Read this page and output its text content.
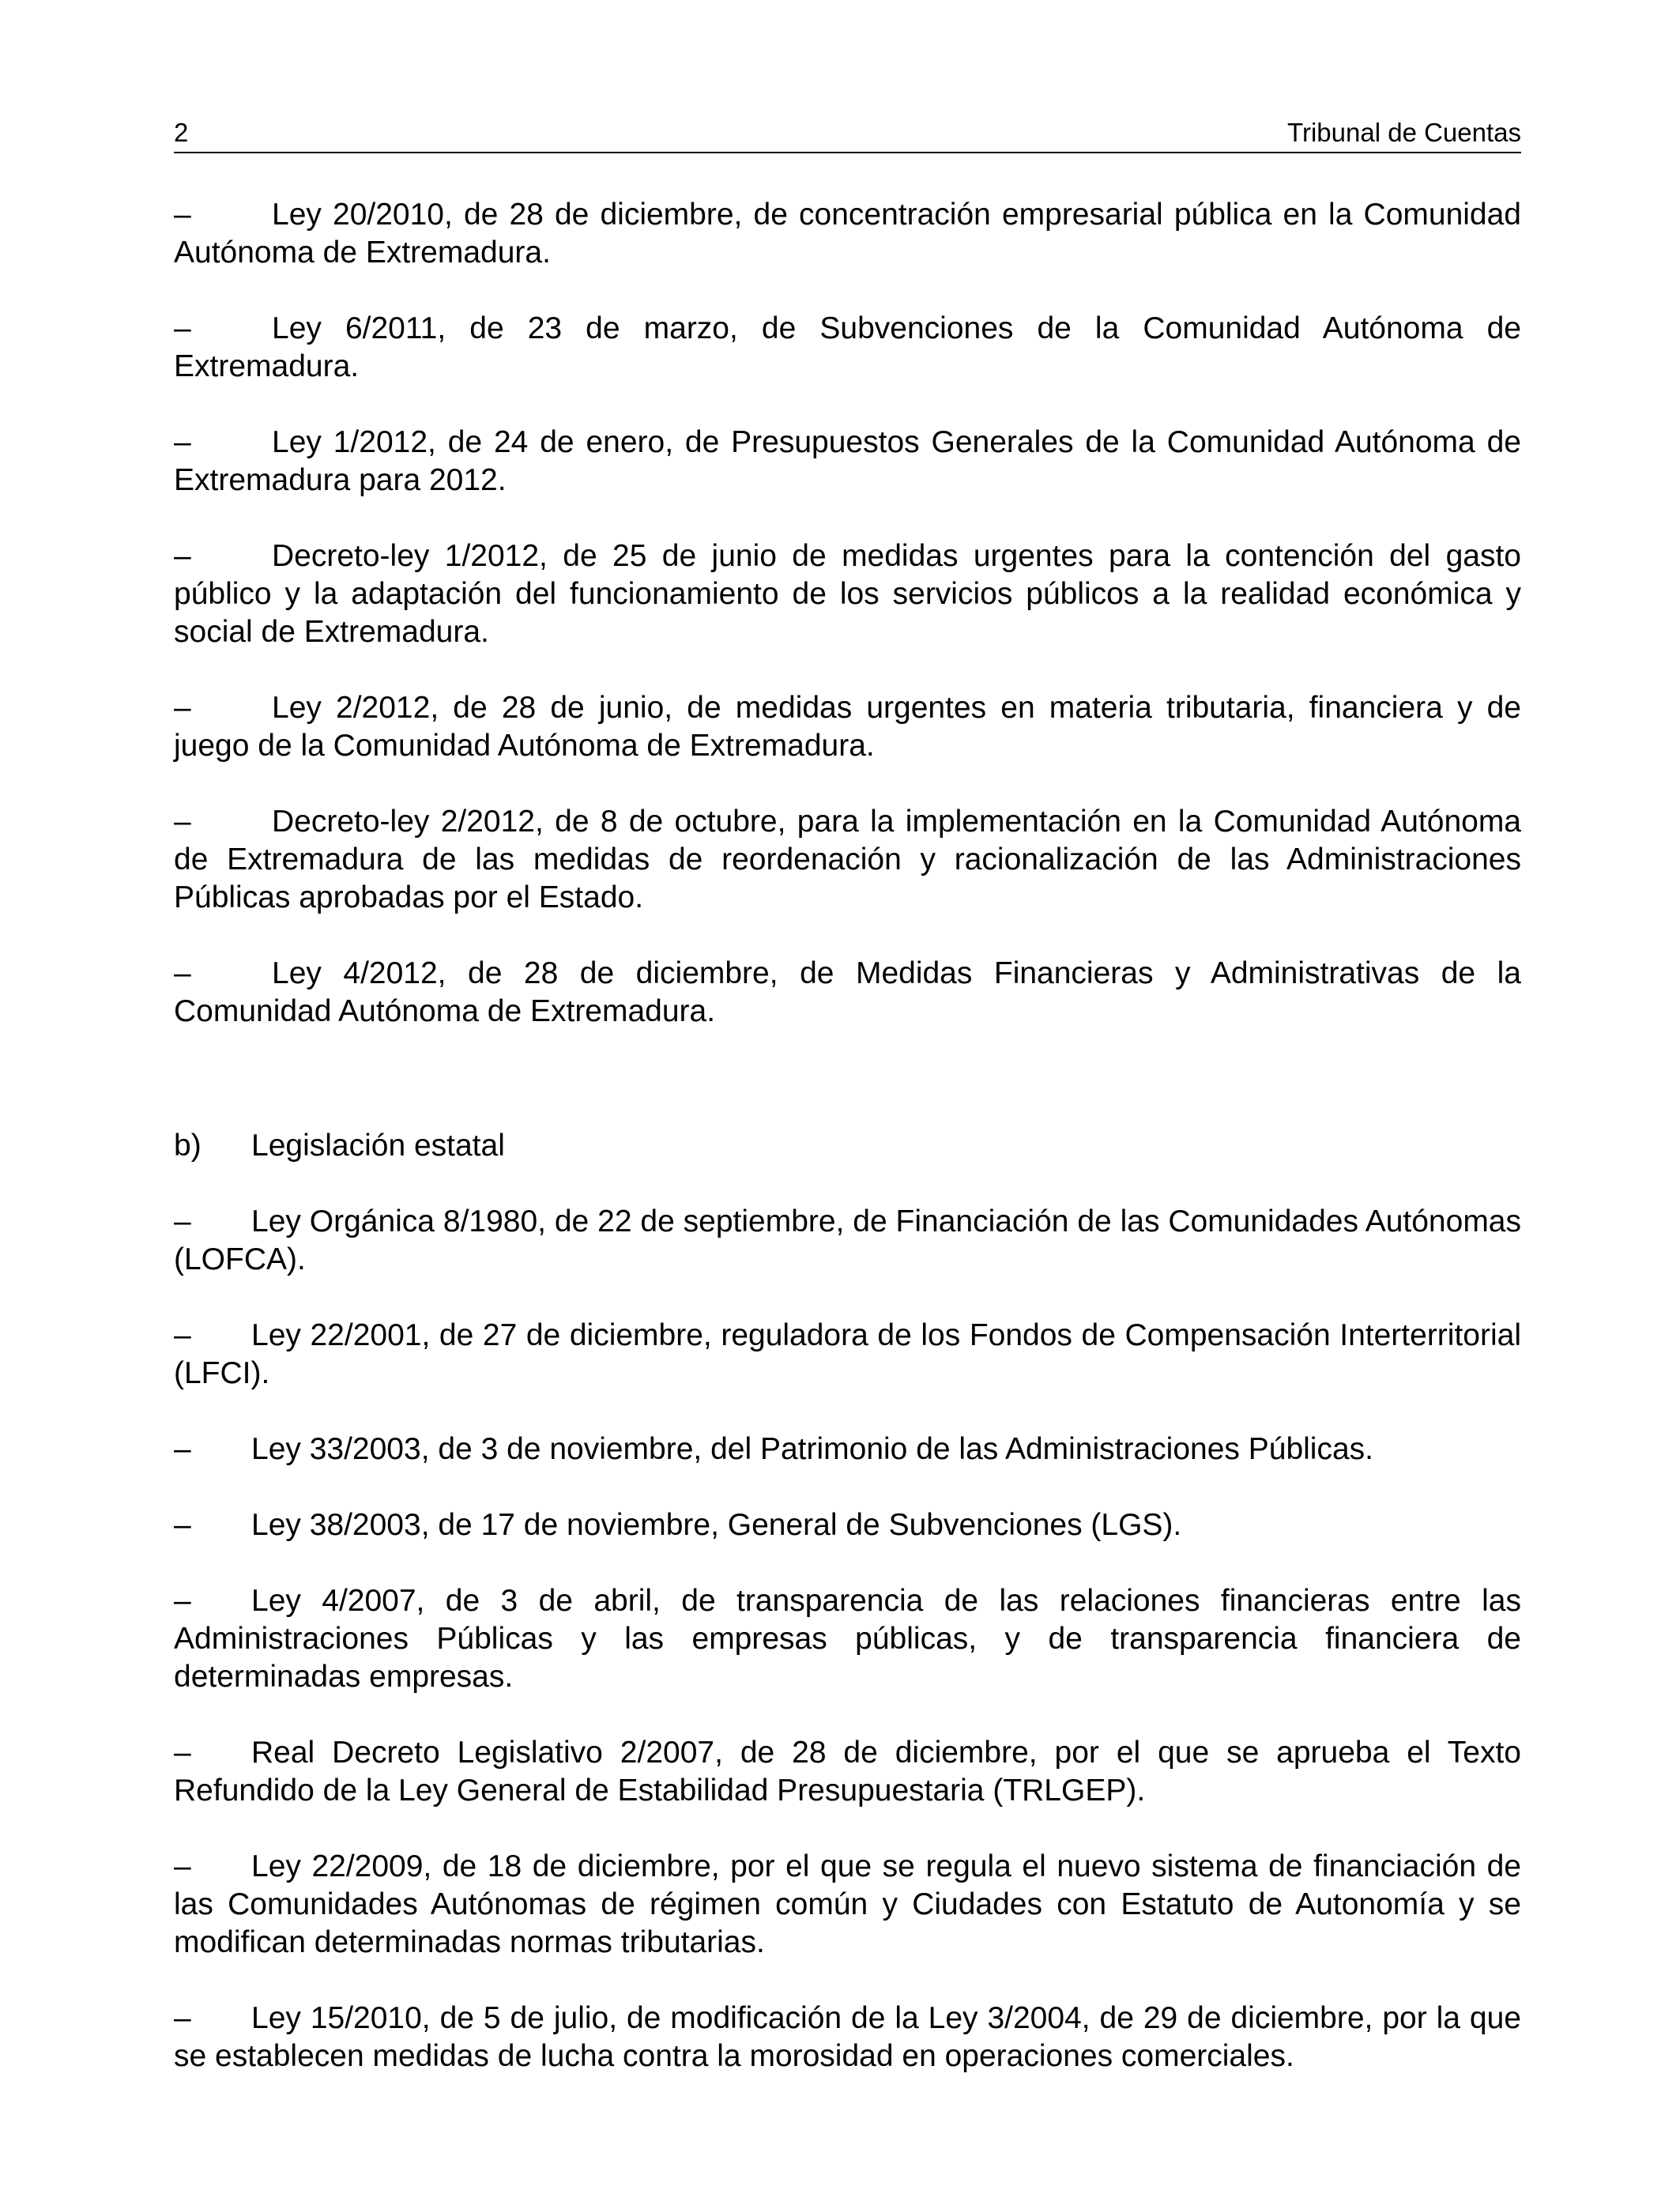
2	Tribunal de Cuentas

–	Ley 20/2010, de 28 de diciembre, de concentración empresarial pública en la Comunidad Autónoma de Extremadura.

–	Ley 6/2011, de 23 de marzo, de Subvenciones de la Comunidad Autónoma de Extremadura.

–	Ley 1/2012, de 24 de enero, de Presupuestos Generales de la Comunidad Autónoma de Extremadura para 2012.

–	Decreto-ley 1/2012, de 25 de junio de medidas urgentes para la contención del gasto público y la adaptación del funcionamiento de los servicios públicos a la realidad económica y social de Extremadura.

–	Ley 2/2012, de 28 de junio, de medidas urgentes en materia tributaria, financiera y de juego de la Comunidad Autónoma de Extremadura.

–	Decreto-ley 2/2012, de 8 de octubre, para la implementación en la Comunidad Autónoma de Extremadura de las medidas de reordenación y racionalización de las Administraciones Públicas aprobadas por el Estado.

–	Ley 4/2012, de 28 de diciembre, de Medidas Financieras y Administrativas de la Comunidad Autónoma de Extremadura.

b) Legislación estatal

– Ley Orgánica 8/1980, de 22 de septiembre, de Financiación de las Comunidades Autónomas (LOFCA).

– Ley 22/2001, de 27 de diciembre, reguladora de los Fondos de Compensación Interterritorial (LFCI).

– Ley 33/2003, de 3 de noviembre, del Patrimonio de las Administraciones Públicas.

– Ley 38/2003, de 17 de noviembre, General de Subvenciones (LGS).

– Ley 4/2007, de 3 de abril, de transparencia de las relaciones financieras entre las Administraciones Públicas y las empresas públicas, y de transparencia financiera de determinadas empresas.

– Real Decreto Legislativo 2/2007, de 28 de diciembre, por el que se aprueba el Texto Refundido de la Ley General de Estabilidad Presupuestaria (TRLGEP).

– Ley 22/2009, de 18 de diciembre, por el que se regula el nuevo sistema de financiación de las Comunidades Autónomas de régimen común y Ciudades con Estatuto de Autonomía y se modifican determinadas normas tributarias.

– Ley 15/2010, de 5 de julio, de modificación de la Ley 3/2004, de 29 de diciembre, por la que se establecen medidas de lucha contra la morosidad en operaciones comerciales.
